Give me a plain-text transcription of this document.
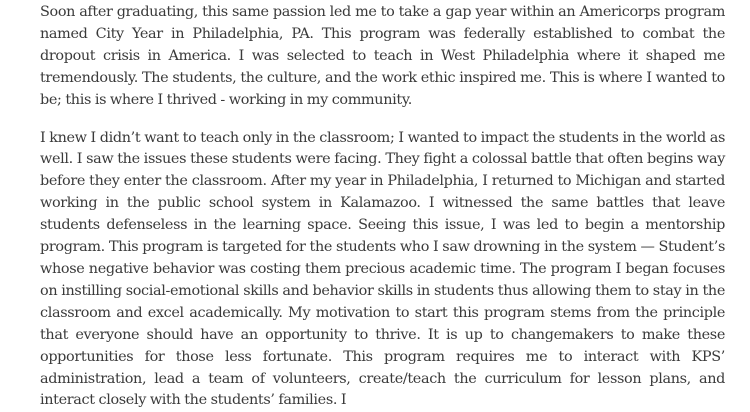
Soon after graduating, this same passion led me to take a gap year within an Americorps program named City Year in Philadelphia, PA. This program was federally established to combat the dropout crisis in America. I was selected to teach in West Philadelphia where it shaped me tremendously. The students, the culture, and the work ethic inspired me. This is where I wanted to be; this is where I thrived - working in my community.

I knew I didn’t want to teach only in the classroom; I wanted to impact the students in the world as well. I saw the issues these students were facing. They fight a colossal battle that often begins way before they enter the classroom. After my year in Philadelphia, I returned to Michigan and started working in the public school system in Kalamazoo. I witnessed the same battles that leave students defenseless in the learning space. Seeing this issue, I was led to begin a mentorship program. This program is targeted for the students who I saw drowning in the system — Student’s whose negative behavior was costing them precious academic time. The program I began focuses on instilling social-emotional skills and behavior skills in students thus allowing them to stay in the classroom and excel academically. My motivation to start this program stems from the principle that everyone should have an opportunity to thrive. It is up to changemakers to make these opportunities for those less fortunate. This program requires me to interact with KPS’ administration, lead a team of volunteers, create/teach the curriculum for lesson plans, and interact closely with the students’ families. I
